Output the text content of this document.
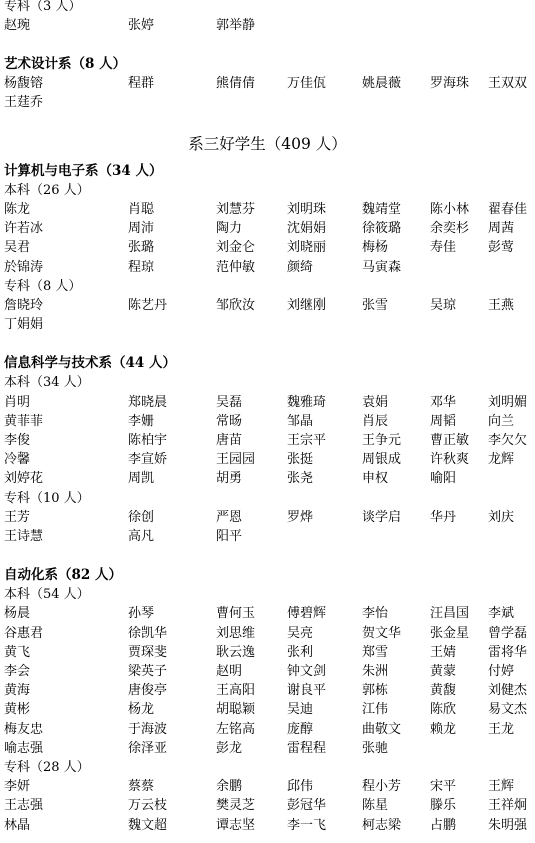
专科（3 人）
赵琬	张婷	郭举静
艺术设计系（8 人）
杨馥镕	程群	熊倩倩 万佳佤	姚晨薇 罗海珠 王双双
王莛乔
系三好学生（409 人）
计算机与电子系（34 人）
本科（26 人）
陈龙	肖聪	刘慧芬 刘明珠	魏靖堂 陈小林 翟春佳
许若冰	周沛	陶力	沈娟娟	徐筱璐 余奕杉 周茜
吴君	张璐	刘金仑 刘晓丽	梅杨	寿佳 彭莺
於锦涛	程琼	范仲敏 颜绮	马寅森
专科（8 人）
詹晓玲	陈艺丹	邹欣汝 刘继刚	张雪	吴琼 王燕
丁娟娟
信息科学与技术系（44 人）
本科（34 人）
肖明	郑晓晨	吴磊	魏雅琦	袁娟	邓华 刘明媚
黄菲菲	李姗	常旸	邹晶	肖辰	周韬 向兰
李俊	陈柏宇	唐苗	王宗平	王争元 曹正敏 李欠欠
冷馨	李宣娇	王园园 张挺	周银成 许秋爽 龙辉
刘婷花	周凯	胡勇	张尧	申权	喻阳
专科（10 人）
王芳	徐创	严恩	罗烨	谈学启 华丹 刘庆
王诗慧	高凡	阳平
自动化系（82 人）
本科（54 人）
杨晨	孙琴	曹何玉 傅碧辉	李怡	汪昌国 李斌
谷惠君	徐凯华	刘思维 吴亮	贺文华 张金星 曾学磊
黄飞	贾琛斐	耿云逸 张利	郑雪	王婧 雷将华
李会	梁英子	赵明	钟文剑	朱洲	黄蒙 付婷
黄海	唐俊亭	王高阳 谢良平	郭栋	黄馥 刘健杰
黄彬	杨龙	胡聪颖 吴迪	江伟	陈欣 易文杰
梅友忠	于海波	左铭高 庞醇	曲敬文 赖龙 王龙
喻志强	徐泽亚	彭龙	雷程程	张驰
专科（28 人）
李妍	蔡蔡	余鹏	邱伟	程小芳 宋平 王辉
王志强	万云枝	樊灵芝 彭冠华	陈星	滕乐 王祥炯
林晶	魏文超	谭志坚 李一飞	柯志梁 占鹏 朱明强
